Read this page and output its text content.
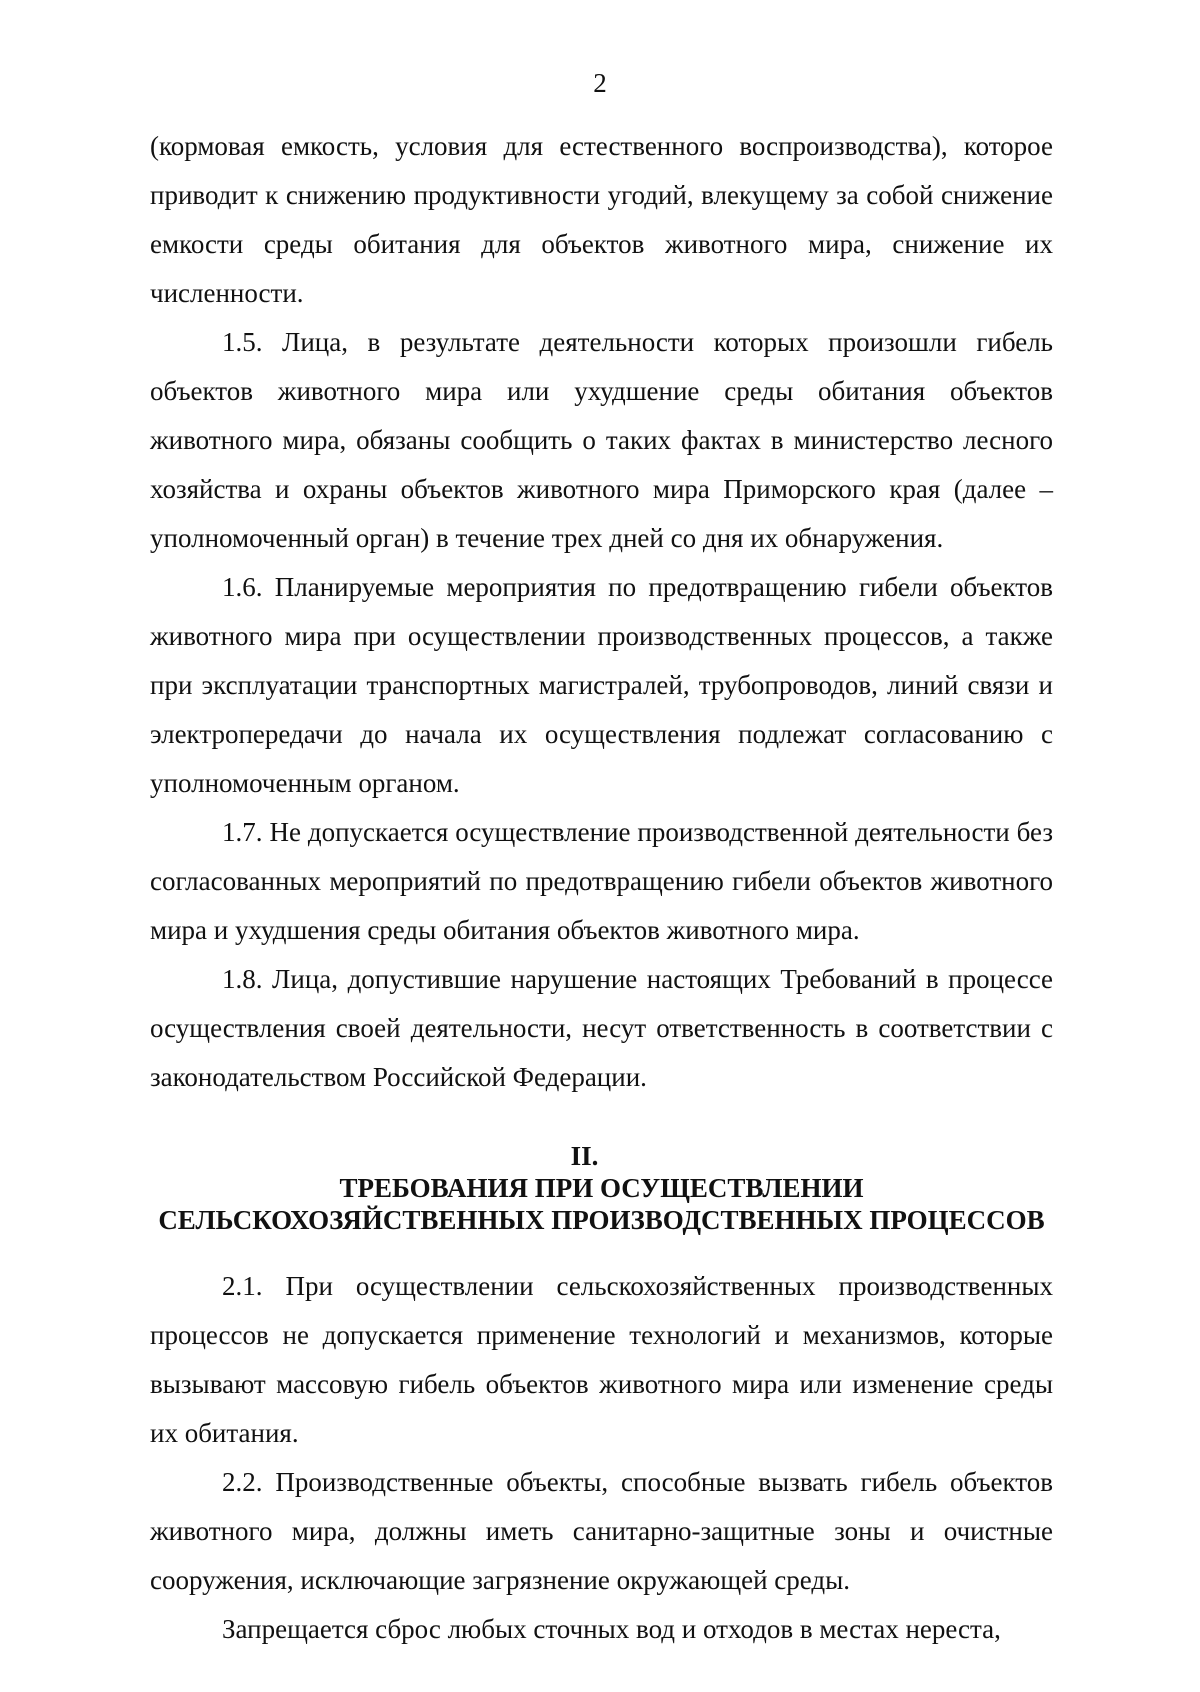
2

(кормовая емкость, условия для естественного воспроизводства), которое приводит к снижению продуктивности угодий, влекущему за собой снижение емкости среды обитания для объектов животного мира, снижение их численности.

1.5. Лица, в результате деятельности которых произошли гибель объектов животного мира или ухудшение среды обитания объектов животного мира, обязаны сообщить о таких фактах в министерство лесного хозяйства и охраны объектов животного мира Приморского края (далее – уполномоченный орган) в течение трех дней со дня их обнаружения.

1.6. Планируемые мероприятия по предотвращению гибели объектов животного мира при осуществлении производственных процессов, а также при эксплуатации транспортных магистралей, трубопроводов, линий связи и электропередачи до начала их осуществления подлежат согласованию с уполномоченным органом.

1.7. Не допускается осуществление производственной деятельности без согласованных мероприятий по предотвращению гибели объектов животного мира и ухудшения среды обитания объектов животного мира.

1.8. Лица, допустившие нарушение настоящих Требований в процессе осуществления своей деятельности, несут ответственность в соответствии с законодательством Российской Федерации.

II.
ТРЕБОВАНИЯ ПРИ ОСУЩЕСТВЛЕНИИ
СЕЛЬСКОХОЗЯЙСТВЕННЫХ ПРОИЗВОДСТВЕННЫХ ПРОЦЕССОВ

2.1. При осуществлении сельскохозяйственных производственных процессов не допускается применение технологий и механизмов, которые вызывают массовую гибель объектов животного мира или изменение среды их обитания.

2.2. Производственные объекты, способные вызвать гибель объектов животного мира, должны иметь санитарно-защитные зоны и очистные сооружения, исключающие загрязнение окружающей среды.

Запрещается сброс любых сточных вод и отходов в местах нереста,
